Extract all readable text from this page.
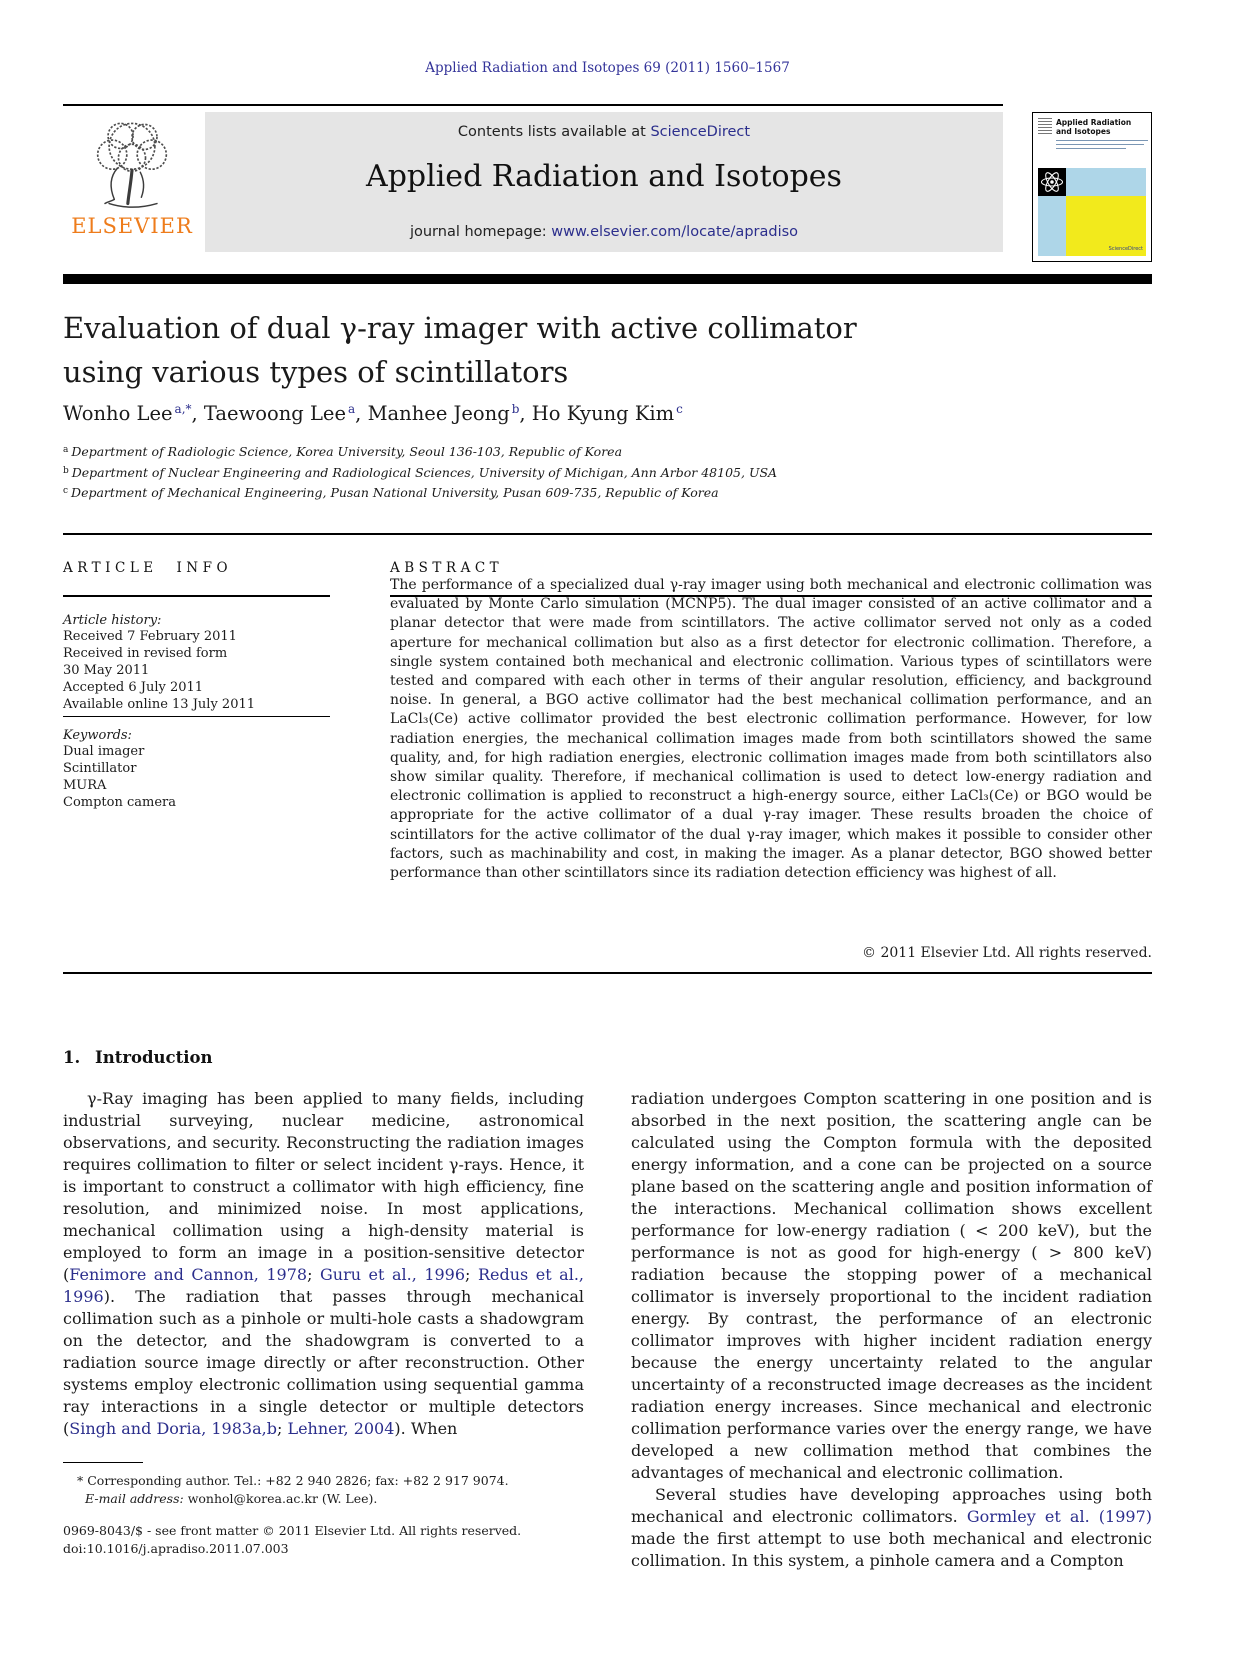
Applied Radiation and Isotopes 69 (2011) 1560–1567
ELSEVIER
Contents lists available at ScienceDirect
Applied Radiation and Isotopes
journal homepage: www.elsevier.com/locate/apradiso
Applied Radiation and Isotopes
ScienceDirect
Evaluation of dual γ-ray imager with active collimator
using various types of scintillators
Wonho Lee $^{a,*}$, Taewoong Lee $^a$, Manhee Jeong $^b$, Ho Kyung Kim $^c$
$^a$ Department of Radiologic Science, Korea University, Seoul 136-103, Republic of Korea
$^b$ Department of Nuclear Engineering and Radiological Sciences, University of Michigan, Ann Arbor 48105, USA
$^c$ Department of Mechanical Engineering, Pusan National University, Pusan 609-735, Republic of Korea
ARTICLE INFO	ABSTRACT
Article history:
Received 7 February 2011
Received in revised form
30 May 2011
Accepted 6 July 2011
Available online 13 July 2011
Keywords:
Dual imager
Scintillator
MURA
Compton camera
The performance of a specialized dual γ-ray imager using both mechanical and electronic collimation was evaluated by Monte Carlo simulation (MCNP5). The dual imager consisted of an active collimator and a planar detector that were made from scintillators. The active collimator served not only as a coded aperture for mechanical collimation but also as a first detector for electronic collimation. Therefore, a single system contained both mechanical and electronic collimation. Various types of scintillators were tested and compared with each other in terms of their angular resolution, efficiency, and background noise. In general, a BGO active collimator had the best mechanical collimation performance, and an LaCl₃(Ce) active collimator provided the best electronic collimation performance. However, for low radiation energies, the mechanical collimation images made from both scintillators showed the same quality, and, for high radiation energies, electronic collimation images made from both scintillators also show similar quality. Therefore, if mechanical collimation is used to detect low-energy radiation and electronic collimation is applied to reconstruct a high-energy source, either LaCl₃(Ce) or BGO would be appropriate for the active collimator of a dual γ-ray imager. These results broaden the choice of scintillators for the active collimator of the dual γ-ray imager, which makes it possible to consider other factors, such as machinability and cost, in making the imager. As a planar detector, BGO showed better performance than other scintillators since its radiation detection efficiency was highest of all.
© 2011 Elsevier Ltd. All rights reserved.
1. Introduction

γ-Ray imaging has been applied to many fields, including industrial surveying, nuclear medicine, astronomical observations, and security. Reconstructing the radiation images requires collimation to filter or select incident γ-rays. Hence, it is important to construct a collimator with high efficiency, fine resolution, and minimized noise. In most applications, mechanical collimation using a high-density material is employed to form an image in a position-sensitive detector (Fenimore and Cannon, 1978; Guru et al., 1996; Redus et al., 1996). The radiation that passes through mechanical collimation such as a pinhole or multi-hole casts a shadowgram on the detector, and the shadowgram is converted to a radiation source image directly or after reconstruction. Other systems employ electronic collimation using sequential gamma ray interactions in a single detector or multiple detectors (Singh and Doria, 1983a,b; Lehner, 2004). When

radiation undergoes Compton scattering in one position and is absorbed in the next position, the scattering angle can be calculated using the Compton formula with the deposited energy information, and a cone can be projected on a source plane based on the scattering angle and position information of the interactions. Mechanical collimation shows excellent performance for low-energy radiation ( < 200 keV), but the performance is not as good for high-energy ( > 800 keV) radiation because the stopping power of a mechanical collimator is inversely proportional to the incident radiation energy. By contrast, the performance of an electronic collimator improves with higher incident radiation energy because the energy uncertainty related to the angular uncertainty of a reconstructed image decreases as the incident radiation energy increases. Since mechanical and electronic collimation performance varies over the energy range, we have developed a new collimation method that combines the advantages of mechanical and electronic collimation.

Several studies have developing approaches using both mechanical and electronic collimators. Gormley et al. (1997) made the first attempt to use both mechanical and electronic collimation. In this system, a pinhole camera and a Compton

* Corresponding author. Tel.: +82 2 940 2826; fax: +82 2 917 9074.
E-mail address: wonhol@korea.ac.kr (W. Lee).
0969-8043/$ - see front matter © 2011 Elsevier Ltd. All rights reserved.
doi:10.1016/j.apradiso.2011.07.003
